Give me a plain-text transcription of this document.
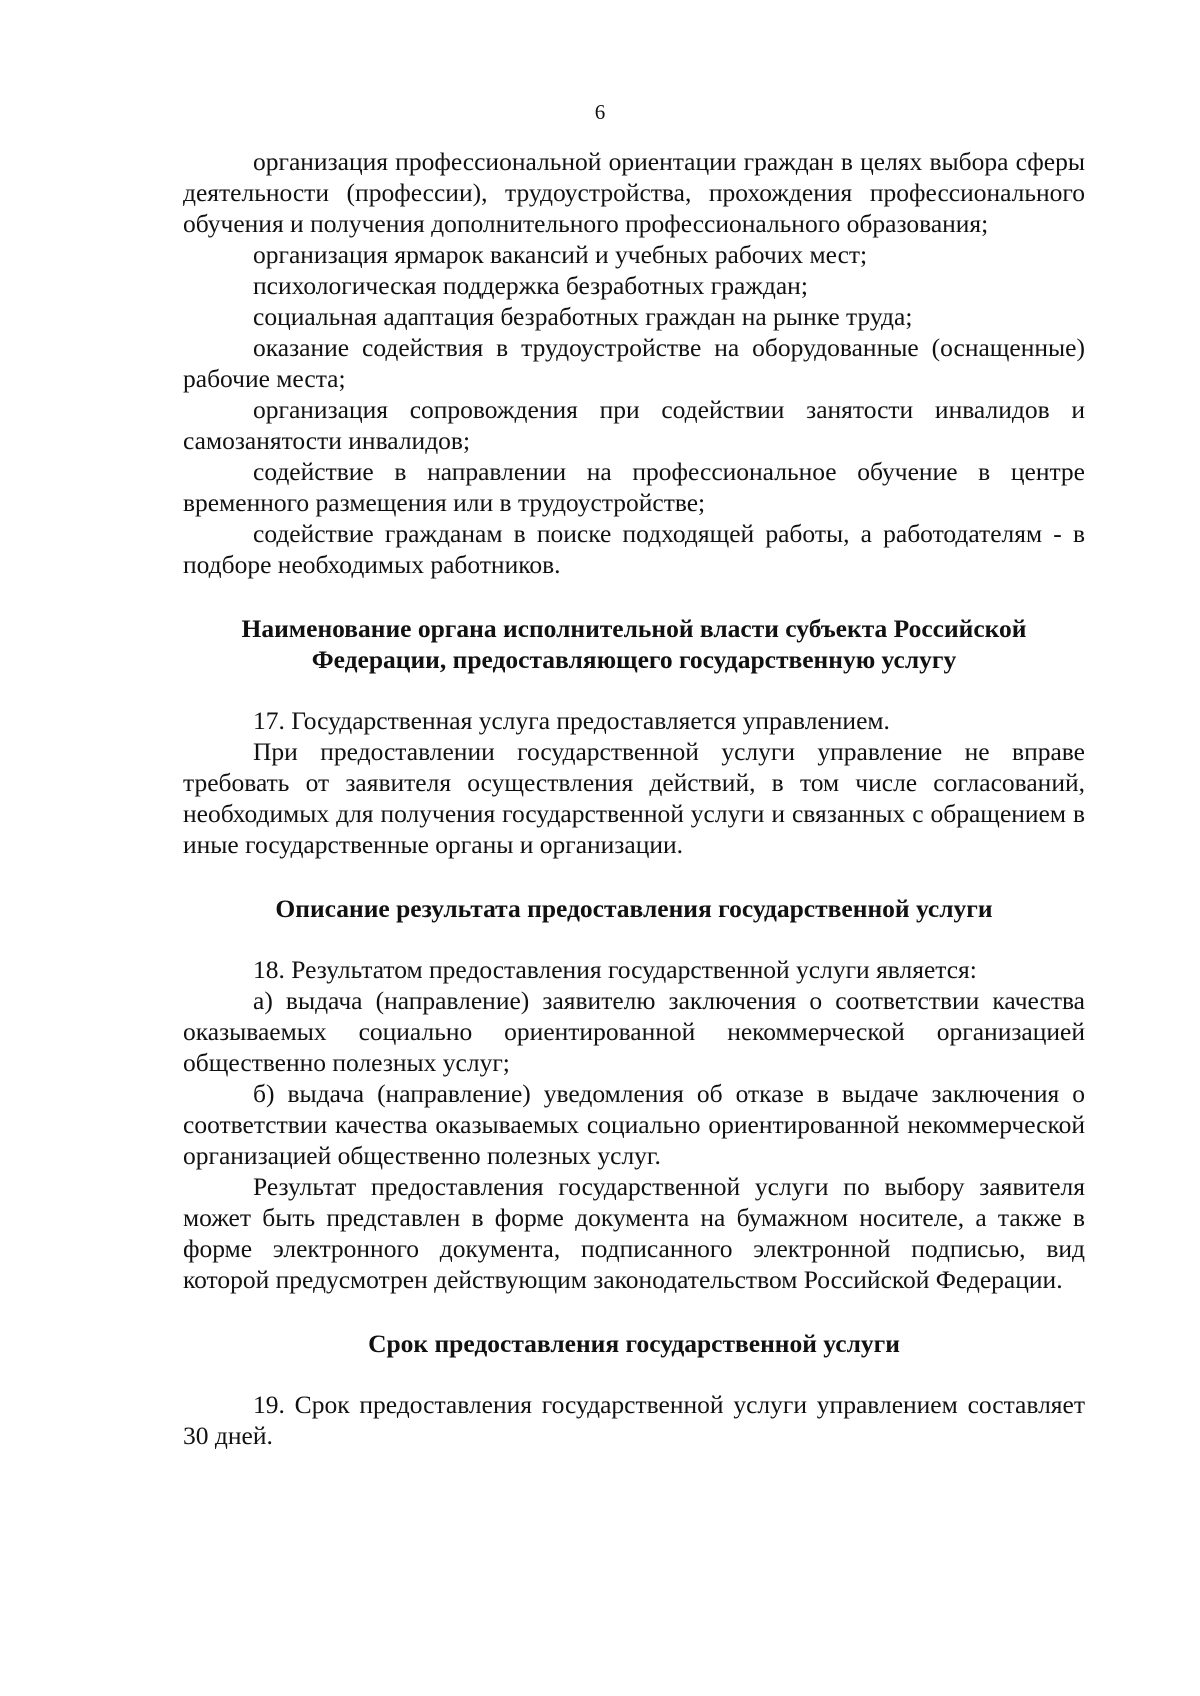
6

организация профессиональной ориентации граждан в целях выбора сферы деятельности (профессии), трудоустройства, прохождения профессионального обучения и получения дополнительного профессионального образования;

организация ярмарок вакансий и учебных рабочих мест;

психологическая поддержка безработных граждан;

социальная адаптация безработных граждан на рынке труда;

оказание содействия в трудоустройстве на оборудованные (оснащенные) рабочие места;

организация сопровождения при содействии занятости инвалидов и самозанятости инвалидов;

содействие в направлении на профессиональное обучение в центре временного размещения или в трудоустройстве;

содействие гражданам в поиске подходящей работы, а работодателям - в подборе необходимых работников.

Наименование органа исполнительной власти субъекта Российской Федерации, предоставляющего государственную услугу

17. Государственная услуга предоставляется управлением.

При предоставлении государственной услуги управление не вправе требовать от заявителя осуществления действий, в том числе согласований, необходимых для получения государственной услуги и связанных с обращением в иные государственные органы и организации.

Описание результата предоставления государственной услуги

18. Результатом предоставления государственной услуги является:

а) выдача (направление) заявителю заключения о соответствии качества оказываемых социально ориентированной некоммерческой организацией общественно полезных услуг;

б) выдача (направление) уведомления об отказе в выдаче заключения о соответствии качества оказываемых социально ориентированной некоммерческой организацией общественно полезных услуг.

Результат предоставления государственной услуги по выбору заявителя может быть представлен в форме документа на бумажном носителе, а также в форме электронного документа, подписанного электронной подписью, вид которой предусмотрен действующим законодательством Российской Федерации.

Срок предоставления государственной услуги

19. Срок предоставления государственной услуги управлением составляет 30 дней.
